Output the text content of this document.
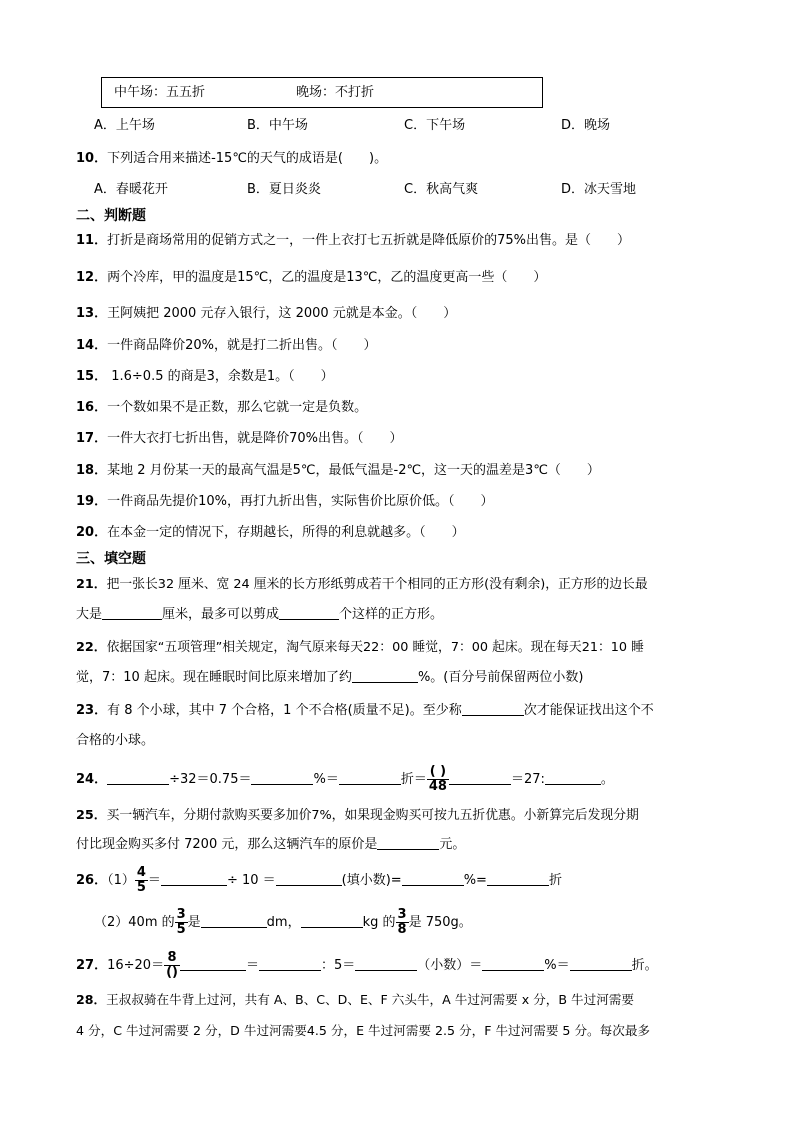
中午场：五五折	晚场：不打折
A．上午场	B．中午场	C．下午场	D．晚场
10．下列适合用来描述-15℃的天气的成语是(　　)。
A．春暖花开	B．夏日炎炎	C．秋高气爽	D．冰天雪地
二、判断题
11．打折是商场常用的促销方式之一，一件上衣打七五折就是降低原价的75%出售。是（　　）
12．两个冷库，甲的温度是15℃，乙的温度是13℃，乙的温度更高一些（　　）
13．王阿姨把 2000 元存入银行，这 2000 元就是本金。（　　）
14．一件商品降价20%，就是打二折出售。（　　）
15． 1.6÷0.5 的商是3，余数是1。（　　）
16．一个数如果不是正数，那么它就一定是负数。
17．一件大衣打七折出售，就是降价70%出售。（　　）
18．某地 2 月份某一天的最高气温是5℃，最低气温是-2℃，这一天的温差是3℃（　　）
19．一件商品先提价10%，再打九折出售，实际售价比原价低。（　　）
20．在本金一定的情况下，存期越长，所得的利息就越多。（　　）
三、填空题
21．把一张长32 厘米、宽 24 厘米的长方形纸剪成若干个相同的正方形(没有剩余)，正方形的边长最
大是	厘米，最多可以剪成	个这样的正方形。
22．依据国家“五项管理”相关规定，淘气原来每天22：00 睡觉，7：00 起床。现在每天21：10 睡
觉，7：10 起床。现在睡眠时间比原来增加了约	%。(百分号前保留两位小数)
23．有 8 个小球，其中 7 个合格，1 个不合格(质量不足)。至少称	次才能保证找出这个不
合格的小球。
24．	÷32＝0.75＝	%＝	折＝ $\frac{( )}{48}$	＝27:	。
25．买一辆汽车，分期付款购买要多加价7%，如果现金购买可按九五折优惠。小新算完后发现分期
付比现金购买多付 7200 元，那么这辆汽车的原价是	元。
26．$(1) \frac{4}{5}$ ＝	÷ 10 ＝	(填小数)=	%=	折
（2）40m 的 $\frac{3}{5}$ 是	dm，	kg 的 $\frac{3}{8}$ 是 750g。
27．$16\div 20= \frac{8}{()}$	＝	：5＝	（小数）＝	%＝	折。
28．王叔叔骑在牛背上过河，共有 A、B、C、D、E、F 六头牛，A 牛过河需要 x 分，B 牛过河需要
4 分，C 牛过河需要 2 分，D 牛过河需要4.5 分，E 牛过河需要 2.5 分，F 牛过河需要 5 分。每次最多
